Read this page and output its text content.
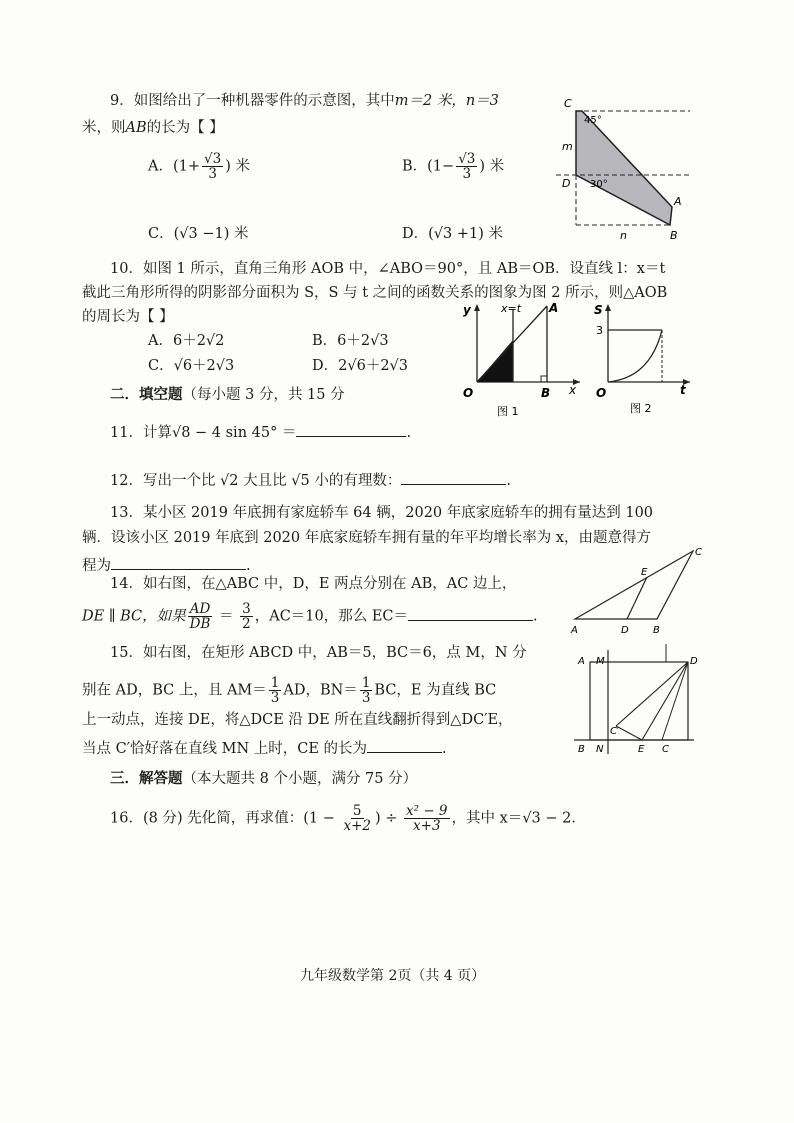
9．如图给出了一种机器零件的示意图，其中m＝2 米，n＝3
米，则AB的长为【 】
A．($1+ \frac{√3}{3}$ ) 米	B．($1- \frac{√3}{3}$ ) 米
C．(√3 −1) 米	D．(√3 +1) 米
C
45°
m
D 30°
A
B
n
10．如图 1 所示，直角三角形 AOB 中，∠ABO＝90°，且 AB＝OB．设直线 l：x＝t
截此三角形所得的阴影部分面积为 S，S 与 t 之间的函数关系的图象为图 2 所示，则△AOB
的周长为【 】
A．6＋2√2	B．6＋2√3
C．√6＋2√3	D．2√6＋2√3
y	x=t A
O	B x
图 1
S
3
O	t
图 2
二．填空题（每小题 3 分，共 15 分
11．计算√8 − 4 sin 45° ＝	.
12．写出一个比 √2 大且比 √5 小的有理数：	.
13．某小区 2019 年底拥有家庭轿车 64 辆，2020 年底家庭轿车的拥有量达到 100
辆．设该小区 2019 年底到 2020 年底家庭轿车拥有量的年平均增长率为 x，由题意得方
程为	.
14．如右图，在△ABC 中，D，E 两点分别在 AB，AC 边上，
DE ∥ BC，如果 $\frac{AD}{DB} = \frac{3}{2}$ ，AC＝10，那么 EC＝	.
A	D B
E
C
15．如右图，在矩形 ABCD 中，AB＝5，BC＝6，点 M，N 分
别在 AD，BC 上，且 $AM= \frac{1}{3}$ AD，$BN= \frac{1}{3}$ BC，E 为直线 BC
上一动点，连接 DE，将△DCE 沿 DE 所在直线翻折得到△DC′E，
当点 C′恰好落在直线 MN 上时，CE 的长为	.
A M	D
B N	E C
C′
三．解答题（本大题共 8 个小题，满分 75 分）
16．(8 分) 先化简，再求值：($1 - \frac{5}{x+2}$ ) ÷ $\frac{\text{x² − 9}}{x+3}$ ，其中 x＝√3 − 2．
九年级数学第 2页（共 4 页）
